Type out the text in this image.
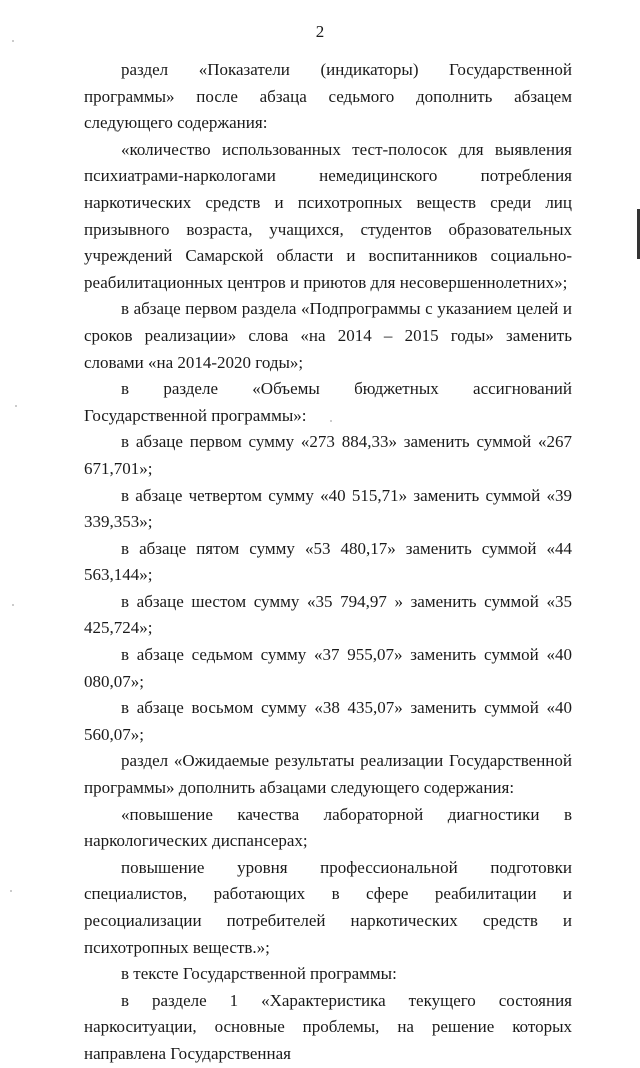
2

раздел «Показатели (индикаторы) Государственной программы» после абзаца седьмого дополнить абзацем следующего содержания:

«количество использованных тест-полосок для выявления психиатрами-наркологами немедицинского потребления наркотических средств и психотропных веществ среди лиц призывного возраста, учащихся, студентов образовательных учреждений Самарской области и воспитанников социально-реабилитационных центров и приютов для несовершеннолетних»;

в абзаце первом раздела «Подпрограммы с указанием целей и сроков реализации» слова «на 2014 – 2015 годы» заменить словами «на 2014-2020 годы»;

в разделе «Объемы бюджетных ассигнований Государственной программы»:

в абзаце первом сумму «273 884,33» заменить суммой «267 671,701»;

в абзаце четвертом сумму «40 515,71» заменить суммой «39 339,353»;

в абзаце пятом сумму «53 480,17» заменить суммой «44 563,144»;

в абзаце шестом сумму «35 794,97 » заменить суммой «35 425,724»;

в абзаце седьмом сумму «37 955,07» заменить суммой «40 080,07»;

в абзаце восьмом сумму «38 435,07» заменить суммой «40 560,07»;

раздел «Ожидаемые результаты реализации Государственной программы» дополнить абзацами следующего содержания:

«повышение качества лабораторной диагностики в наркологических диспансерах;

повышение уровня профессиональной подготовки специалистов, работающих в сфере реабилитации и ресоциализации потребителей наркотических средств и психотропных веществ.»;

в тексте Государственной программы:

в разделе 1 «Характеристика текущего состояния наркоситуации, основные проблемы, на решение которых направлена Государственная
